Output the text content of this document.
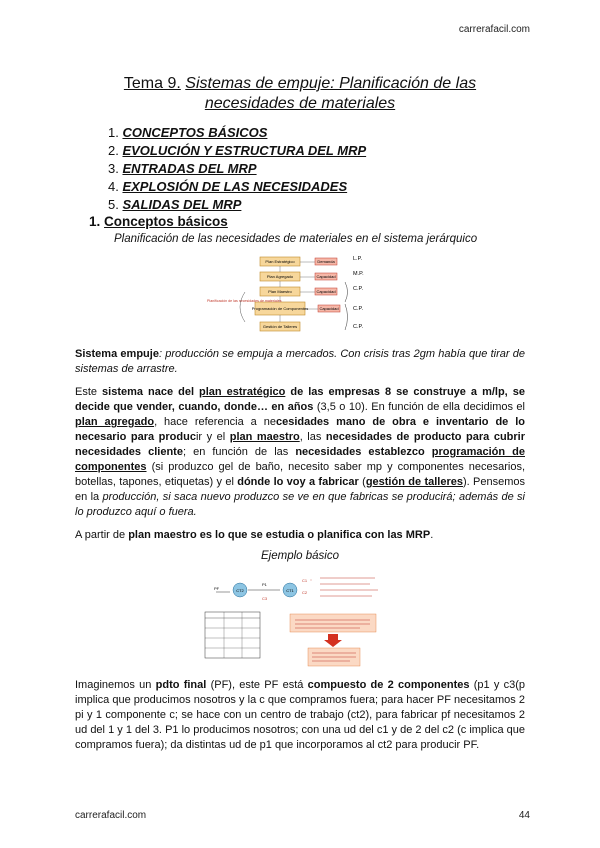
carrerafacil.com
Tema 9. Sistemas de empuje: Planificación de las
necesidades de materiales
1. CONCEPTOS BÁSICOS
2. EVOLUCIÓN Y ESTRUCTURA DEL MRP
3. ENTRADAS DEL MRP
4. EXPLOSIÓN DE LAS NECESIDADES
5. SALIDAS DEL MRP
1. Conceptos básicos
Planificación de las necesidades de materiales en el sistema jerárquico
Plan Estratégico
Plan Agregado
Plan Maestro
Programación de Componentes
Gestión de Talleres
Demanda
Capacidad
Capacidad
Capacidad
Planificación de las necesidades de materiales
L.P.
M.P.
C.P.
C.P.
C.P.
Sistema empuje: producción se empuja a mercados. Con crisis tras 2gm había que tirar de sistemas de arrastre.
Este sistema nace del plan estratégico de las empresas 8 se construye a m/lp, se decide que vender, cuando, donde… en años (3,5 o 10). En función de ella decidimos el plan agregado, hace referencia a necesidades mano de obra e inventario de lo necesario para producir y el plan maestro, las necesidades de producto para cubrir necesidades cliente; en función de las necesidades establezco programación de componentes (si produzco gel de baño, necesito saber mp y componentes necesarios, botellas, tapones, etiquetas) y el dónde lo voy a fabricar (gestión de talleres). Pensemos en la producción, si saca nuevo produzco se ve en que fabricas se producirá; además de si lo produzco aquí o fuera.
A partir de plan maestro es lo que se estudia o planifica con las MRP.
Ejemplo básico
PF	CT2	CT1
P1
C1
C2
C3
Imaginemos un pdto final (PF), este PF está compuesto de 2 componentes (p1 y c3(p implica que producimos nosotros y la c que compramos fuera; para hacer PF necesitamos 2 pi y 1 componente c; se hace con un centro de trabajo (ct2), para fabricar pf necesitamos 2 ud del 1 y 1 del 3. P1 lo producimos nosotros; con una ud del c1 y de 2 del c2 (c implica que compramos fuera); da distintas ud de p1 que incorporamos al ct2 para producir PF.
carrerafacil.com	44
